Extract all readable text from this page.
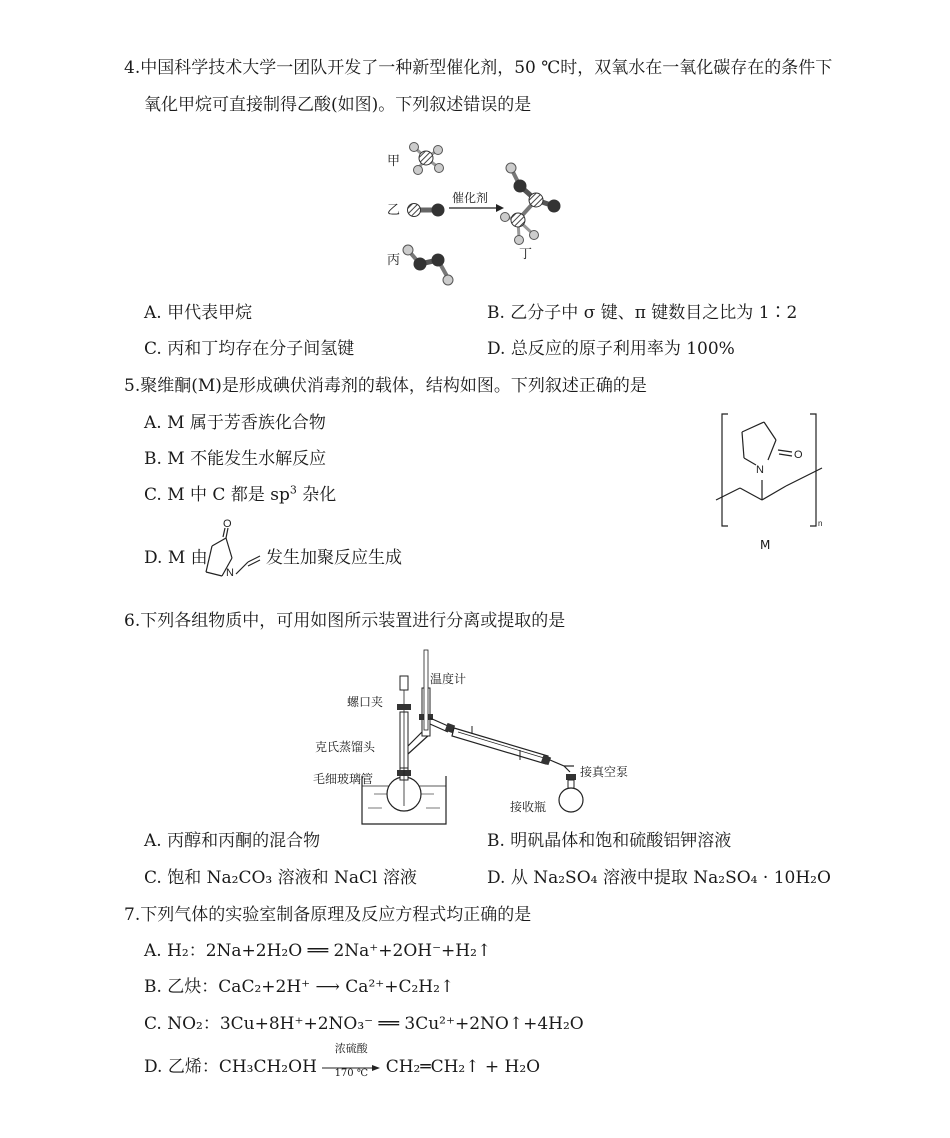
4.中国科学技术大学一团队开发了一种新型催化剂，50 ℃时，双氧水在一氧化碳存在的条件下
氧化甲烷可直接制得乙酸(如图)。下列叙述错误的是
甲
乙
丙	丁
催化剂
A. 甲代表甲烷	B. 乙分子中 σ 键、π 键数目之比为 1∶2
C. 丙和丁均存在分子间氢键	D. 总反应的原子利用率为 100%
5.聚维酮(M)是形成碘伏消毒剂的载体，结构如图。下列叙述正确的是
A. M 属于芳香族化合物
B. M 不能发生水解反应
C. M 中 C 都是 $sp^3$ 杂化
D. M 由	发生加聚反应生成
O
N
N
O
n
M
6.下列各组物质中，可用如图所示装置进行分离或提取的是
温度计
螺口夹
克氏蒸馏头
毛细玻璃管	接真空泵
接收瓶
A. 丙醇和丙酮的混合物	B. 明矾晶体和饱和硫酸铝钾溶液
C. 饱和 Na₂CO₃ 溶液和 NaCl 溶液	D. 从 Na₂SO₄ 溶液中提取 Na₂SO₄ · 10H₂O
7.下列气体的实验室制备原理及反应方程式均正确的是
A. H₂：2Na+2H₂O ══ 2Na⁺+2OH⁻+H₂↑
B. 乙炔：CaC₂+2H⁺ ⟶ Ca²⁺+C₂H₂↑
C. NO₂：3Cu+8H⁺+2NO₃⁻ ══ 3Cu²⁺+2NO↑+4H₂O
D. 乙烯：CH₃CH₂OH
浓硫酸
170 ℃	CH₂═CH₂↑ + H₂O
